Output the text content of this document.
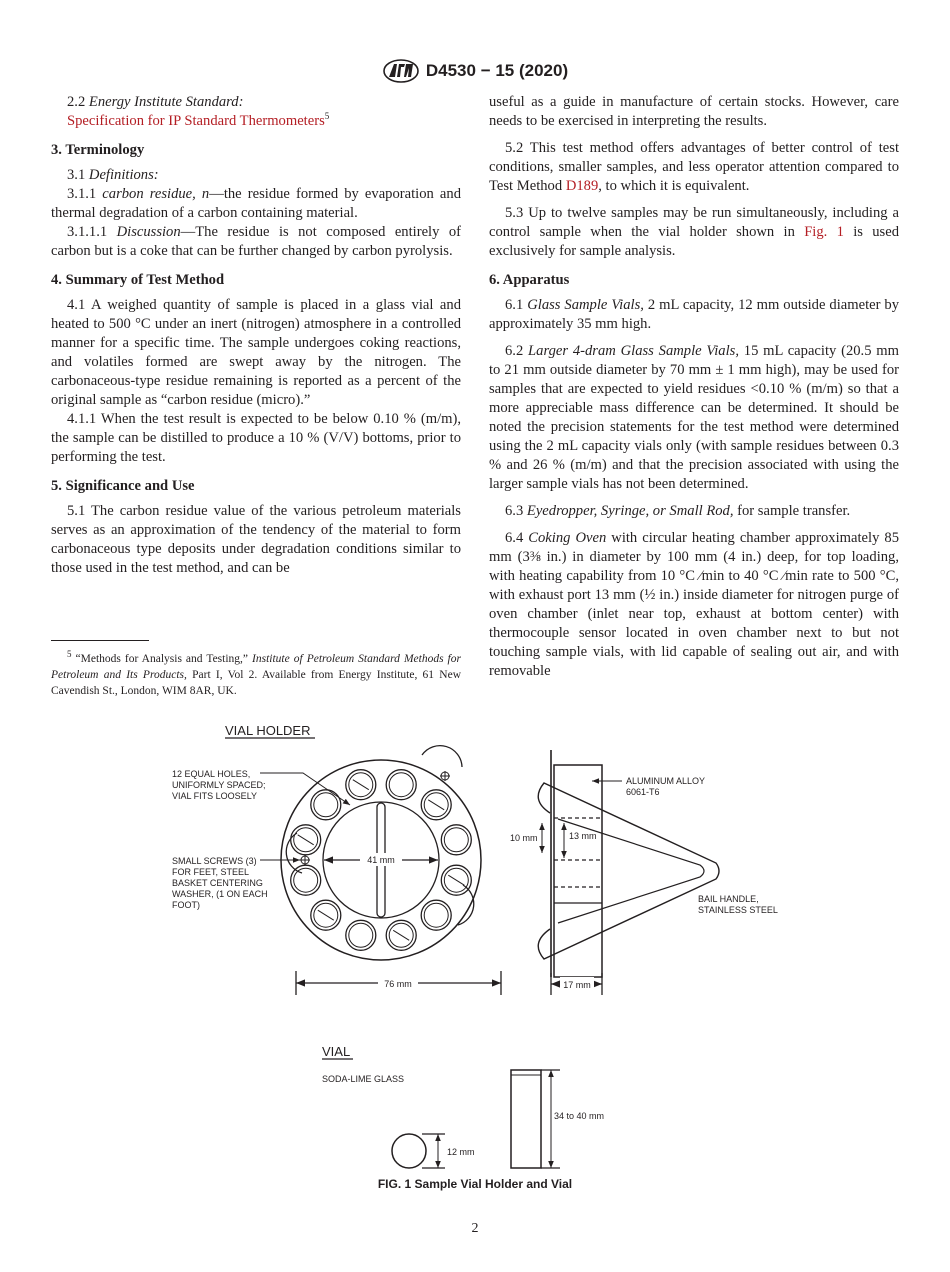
D4530 − 15 (2020)

2.2 Energy Institute Standard:

Specification for IP Standard Thermometers$^5$

3. Terminology

3.1 Definitions:

3.1.1 carbon residue, n—the residue formed by evaporation and thermal degradation of a carbon containing material.

3.1.1.1 Discussion—The residue is not composed entirely of carbon but is a coke that can be further changed by carbon pyrolysis.

4. Summary of Test Method

4.1 A weighed quantity of sample is placed in a glass vial and heated to 500 °C under an inert (nitrogen) atmosphere in a controlled manner for a specific time. The sample undergoes coking reactions, and volatiles formed are swept away by the nitrogen. The carbonaceous-type residue remaining is reported as a percent of the original sample as “carbon residue (micro).”

4.1.1 When the test result is expected to be below 0.10 % (m/m), the sample can be distilled to produce a 10 % (V/V) bottoms, prior to performing the test.

5. Significance and Use

5.1 The carbon residue value of the various petroleum materials serves as an approximation of the tendency of the material to form carbonaceous type deposits under degradation conditions similar to those used in the test method, and can be

$^5$ “Methods for Analysis and Testing,” Institute of Petroleum Standard Methods for Petroleum and Its Products, Part I, Vol 2. Available from Energy Institute, 61 New Cavendish St., London, WIM 8AR, UK.

useful as a guide in manufacture of certain stocks. However, care needs to be exercised in interpreting the results.

5.2 This test method offers advantages of better control of test conditions, smaller samples, and less operator attention compared to Test Method D189, to which it is equivalent.

5.3 Up to twelve samples may be run simultaneously, including a control sample when the vial holder shown in Fig. 1 is used exclusively for sample analysis.

6. Apparatus

6.1 Glass Sample Vials, 2 mL capacity, 12 mm outside diameter by approximately 35 mm high.

6.2 Larger 4-dram Glass Sample Vials, 15 mL capacity (20.5 mm to 21 mm outside diameter by 70 mm ± 1 mm high), may be used for samples that are expected to yield residues <0.10 % (m/m) so that a more appreciable mass difference can be determined. It should be noted the precision statements for the test method were determined using the 2 mL capacity vials only (with sample residues between 0.3 % and 26 % (m/m) and that the precision associated with using the larger sample vials has not been determined.

6.3 Eyedropper, Syringe, or Small Rod, for sample transfer.

6.4 Coking Oven with circular heating chamber approximately 85 mm (3⅜ in.) in diameter by 100 mm (4 in.) deep, for top loading, with heating capability from 10 °C ⁄min to 40 °C ⁄min rate to 500 °C, with exhaust port 13 mm (½ in.) inside diameter for nitrogen purge of oven chamber (inlet near top, exhaust at bottom center) with thermocouple sensor located in oven chamber next to but not touching sample vials, with lid capable of sealing out air, and with removable

VIAL HOLDER
41 mm
76 mm
12 EQUAL HOLES, UNIFORMLY SPACED; VIAL FITS LOOSELY
SMALL SCREWS (3) FOR FEET, STEEL BASKET CENTERING WASHER, (1 ON EACH FOOT)
ALUMINUM ALLOY 6061-T6
10 mm	13 mm
BAIL HANDLE, STAINLESS STEEL
17 mm
VIAL
SODA-LIME GLASS
12 mm
34 to 40 mm
FIG. 1 Sample Vial Holder and Vial
2
